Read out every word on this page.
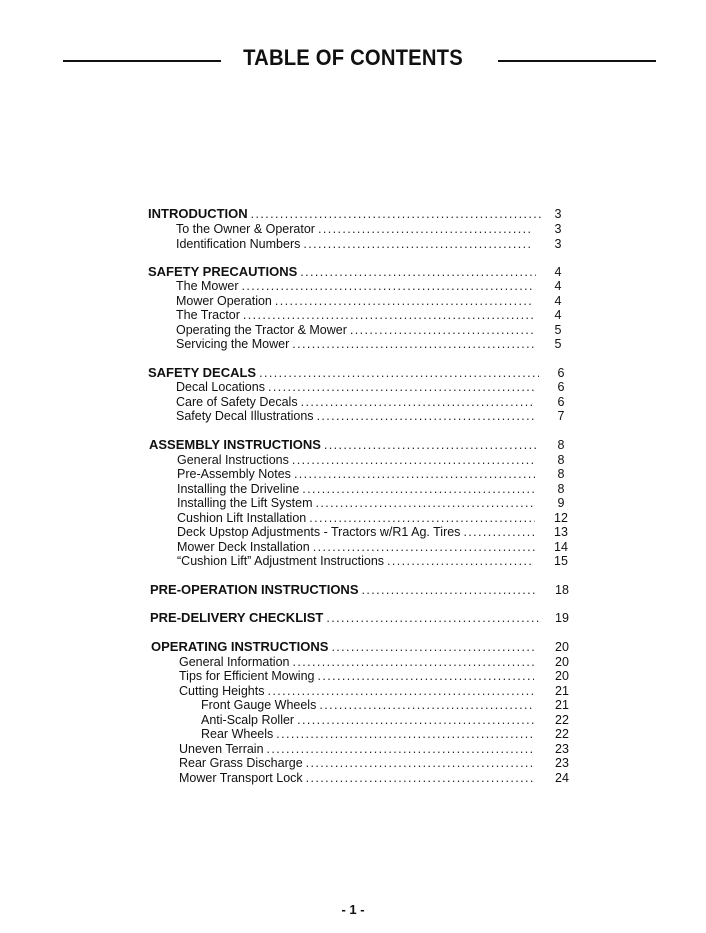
TABLE OF CONTENTS
INTRODUCTION .....	3
To the Owner & Operator .....	3
Identification Numbers .....	3
SAFETY PRECAUTIONS .....	4
The Mower .....	4
Mower Operation .....	4
The Tractor .....	4
Operating the Tractor & Mower .....	5
Servicing the Mower .....	5
SAFETY DECALS .....	6
Decal Locations .....	6
Care of Safety Decals .....	6
Safety Decal Illustrations .....	7
ASSEMBLY INSTRUCTIONS .....	8
General Instructions .....	8
Pre-Assembly Notes .....	8
Installing the Driveline .....	8
Installing the Lift System .....	9
Cushion Lift Installation .....	12
Deck Upstop Adjustments - Tractors w/R1 Ag. Tires .....	13
Mower Deck Installation .....	14
“Cushion Lift” Adjustment Instructions .....	15
PRE-OPERATION INSTRUCTIONS .....	18
PRE-DELIVERY CHECKLIST .....	19
OPERATING INSTRUCTIONS .....	20
General Information .....	20
Tips for Efficient Mowing .....	20
Cutting Heights .....	21
Front Gauge Wheels .....	21
Anti-Scalp Roller .....	22
Rear Wheels .....	22
Uneven Terrain .....	23
Rear Grass Discharge .....	23
Mower Transport Lock .....	24
- 1 -
